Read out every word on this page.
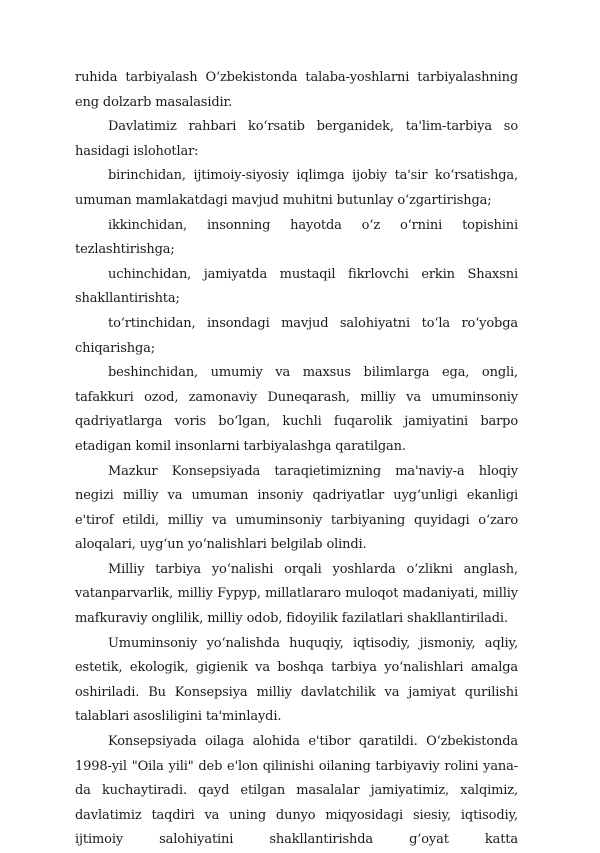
ruhida tarbiyalash O‘zbekistonda talaba-yoshlarni tarbiyalashning eng dolzarb masalasidir.

Davlatimiz rahbari ko‘rsatib berganidek, ta'lim-tarbiya so hasidagi islohotlar:

birinchidan, ijtimoiy-siyosiy iqlimga ijobiy ta'sir ko‘rsatishga, umuman mamlakatdagi mavjud muhitni butunlay o‘zgartirishga;

ikkinchidan, insonning hayotda o‘z o‘rnini topishini tezlashtirishga;

uchinchidan, jamiyatda mustaqil fikrlovchi erkin Shaxsni shakllantirishta;

to‘rtinchidan, insondagi mavjud salohiyatni to‘la ro‘yobga chiqarishga;

beshinchidan, umumiy va maxsus bilimlarga ega, ongli, tafakkuri ozod, zamonaviy Duneqarash, milliy va umuminsoniy qadriyatlarga voris bo‘lgan, kuchli fuqarolik jamiyatini barpo etadigan komil insonlarni tarbiyalashga qaratilgan.

Mazkur Konsepsiyada taraqietimizning ma'naviy-a hloqiy negizi milliy va umuman insoniy qadriyatlar uyg‘unligi ekanligi e'tirof etildi, milliy va umuminsoniy tarbiyaning quyidagi o‘zaro aloqalari, uyg‘un yo‘nalishlari belgilab olindi.

Milliy tarbiya yo‘nalishi orqali yoshlarda o‘zlikni anglash, vatanparvarlik, milliy Fypyp, millatlararo muloqot madaniyati, milliy mafkuraviy onglilik, milliy odob, fidoyilik fazilatlari shakllantiriladi.

Umuminsoniy yo‘nalishda huquqiy, iqtisodiy, jismoniy, aqliy, estetik, ekologik, gigienik va boshqa tarbiya yo‘nalishlari amalga oshiriladi. Bu Konsepsiya milliy davlatchilik va jamiyat qurilishi talablari asosliligini ta'minlaydi.

Konsepsiyada oilaga alohida e'tibor qaratildi. O‘zbekistonda 1998-yil "Oila yili" deb e'lon qilinishi oilaning tarbiyaviy rolini yana-da kuchaytiradi. qayd etilgan masalalar jamiyatimiz, xalqimiz, davlatimiz taqdiri va uning dunyo miqyosidagi siesiy, iqtisodiy, ijtimoiy salohiyatini shakllantirishda g‘oyat katta
